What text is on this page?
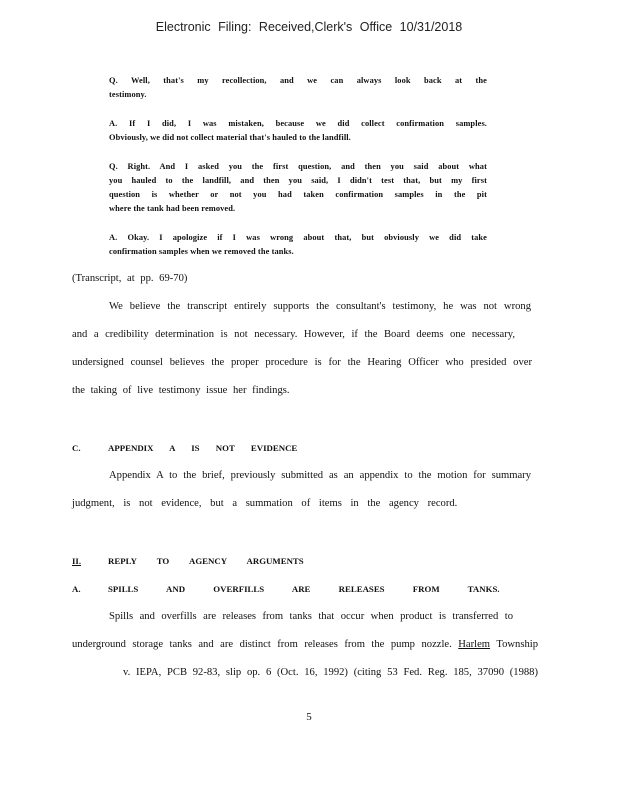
Electronic Filing: Received,Clerk's Office 10/31/2018
Q. Well, that's my recollection, and we can always look back at the

testimony.
A. If I did, I was mistaken, because we did collect confirmation samples.

Obviously, we did not collect material that's hauled to the landfill.
Q. Right. And I asked you the first question, and then you said about what
you hauled to the landfill, and then you said, I didn't test that, but my first
question is whether or not you had taken confirmation samples in the pit

where the tank had been removed.
A. Okay. I apologize if I was wrong about that, but obviously we did take

confirmation samples when we removed the tanks.
(Transcript, at pp. 69-70)
We believe the transcript entirely supports the consultant's testimony, he was not wrong
and a credibility determination is not necessary. However, if the Board deems one necessary,
undersigned counsel believes the proper procedure is for the Hearing Officer who presided over
the taking of live testimony issue her findings.
C.	APPENDIX A IS NOT EVIDENCE
Appendix A to the brief, previously submitted as an appendix to the motion for summary
judgment, is not evidence, but a summation of items in the agency record.
II.	REPLY TO AGENCY ARGUMENTS
A.	SPILLS AND OVERFILLS ARE RELEASES FROM TANKS.
Spills and overfills are releases from tanks that occur when product is transferred to
underground storage tanks and are distinct from releases from the pump nozzle. Harlem Township
v. IEPA, PCB 92-83, slip op. 6 (Oct. 16, 1992) (citing 53 Fed. Reg. 185, 37090 (1988)
5
